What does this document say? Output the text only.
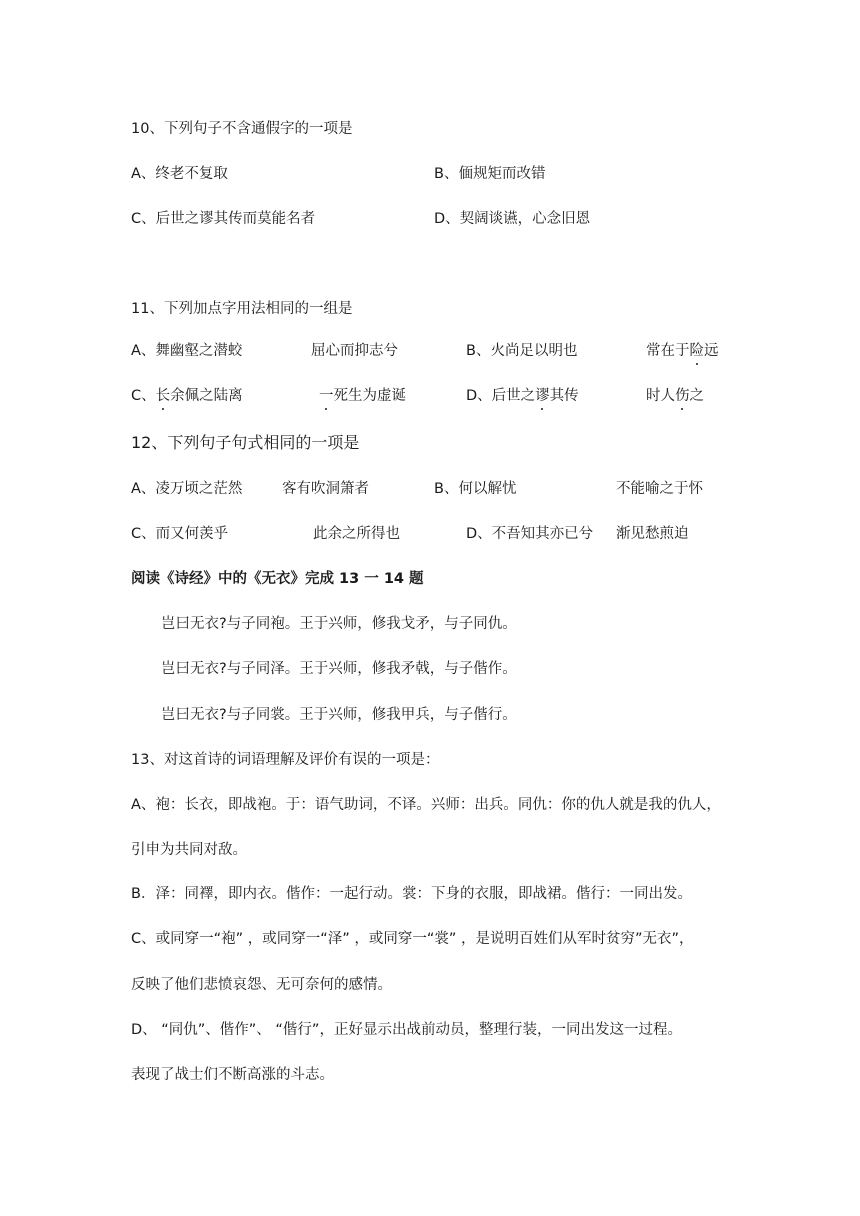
10、下列句子不含通假字的一项是
A、终老不复取	B、偭规矩而改错
C、后世之谬其传而莫能名者	D、契阔谈䜩，心念旧恩
11、下列加点字用法相同的一组是
A、舞幽壑之潜蛟	屈心而抑志兮	B、火尚足以明也	常在于险远
C、长余佩之陆离	一死生为虚诞	D、后世之谬其传	时人伤之
12、下列句子句式相同的一项是
A、凌万顷之茫然	客有吹洞箫者	B、何以解忧	不能喻之于怀
C、而又何羡乎	此余之所得也	D、不吾知其亦已兮 渐见愁煎迫
阅读《诗经》中的《无衣》完成 13 一 14 题
岂曰无衣?与子同袍。王于兴师，修我戈矛，与子同仇。
岂曰无衣?与子同泽。王于兴师，修我矛戟，与子偕作。
岂曰无衣?与子同裳。王于兴师，修我甲兵，与子偕行。
13、对这首诗的词语理解及评价有误的一项是：
A、袍：长衣，即战袍。于：语气助词，不译。兴师：出兵。同仇：你的仇人就是我的仇人，
引申为共同对敌。
B．泽：同襗，即内衣。偕作：一起行动。裳：下身的衣服，即战裙。偕行：一同出发。
C、或同穿一“袍” ，或同穿一“泽” ，或同穿一“裳” ，是说明百姓们从军时贫穷”无衣”，
反映了他们悲愤哀怨、无可奈何的感情。
D、 “同仇”、偕作”、 “偕行”，正好显示出战前动员，整理行装，一同出发这一过程。
表现了战士们不断高涨的斗志。
